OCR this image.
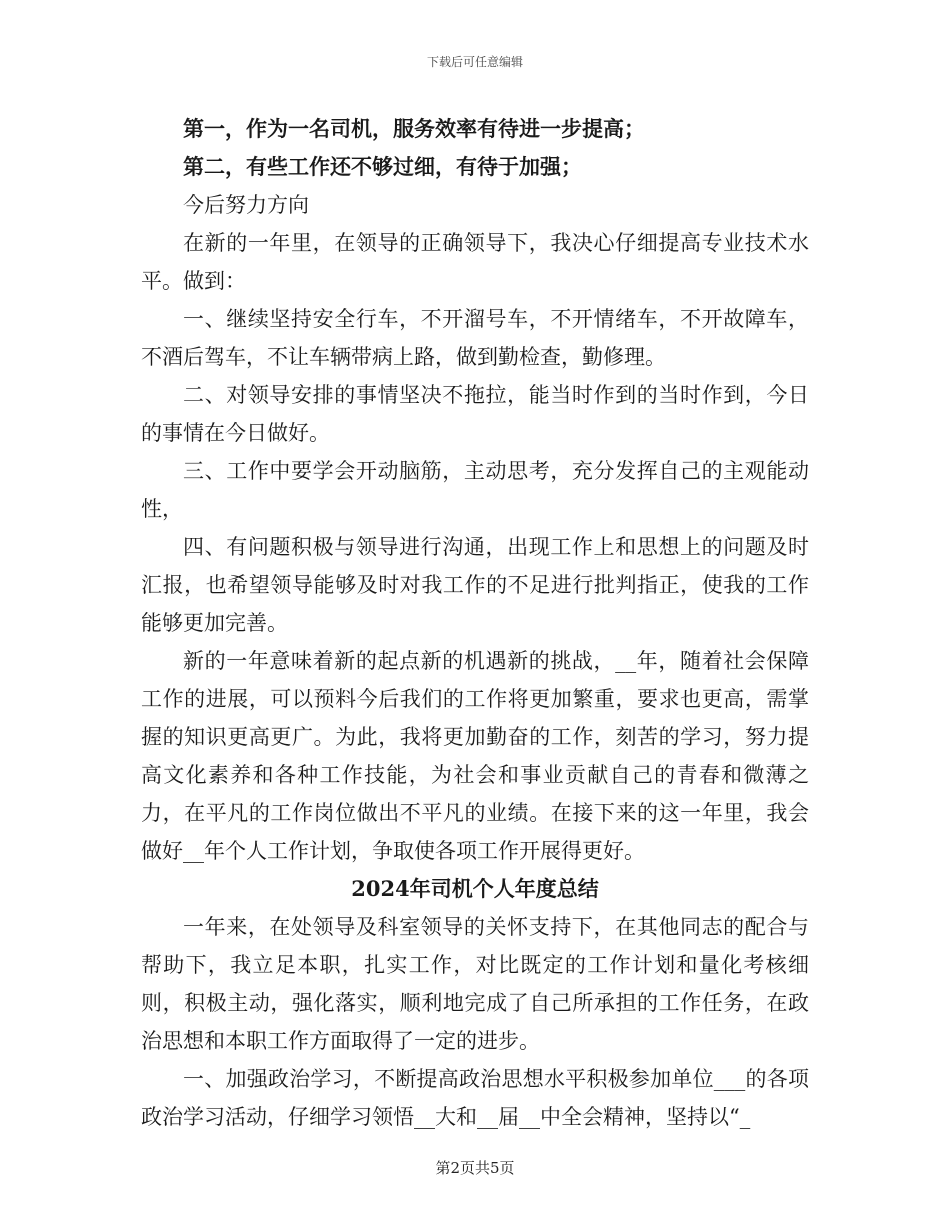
下载后可任意编辑

第一，作为一名司机，服务效率有待进一步提高；

第二，有些工作还不够过细，有待于加强；

今后努力方向

在新的一年里，在领导的正确领导下，我决心仔细提高专业技术水平。做到：

一、继续坚持安全行车，不开溜号车，不开情绪车，不开故障车，不酒后驾车，不让车辆带病上路，做到勤检查，勤修理。

二、对领导安排的事情坚决不拖拉，能当时作到的当时作到，今日的事情在今日做好。

三、工作中要学会开动脑筋，主动思考，充分发挥自己的主观能动性，

四、有问题积极与领导进行沟通，出现工作上和思想上的问题及时汇报，也希望领导能够及时对我工作的不足进行批判指正，使我的工作能够更加完善。

新的一年意味着新的起点新的机遇新的挑战，__年，随着社会保障工作的进展，可以预料今后我们的工作将更加繁重，要求也更高，需掌握的知识更高更广。为此，我将更加勤奋的工作，刻苦的学习，努力提高文化素养和各种工作技能，为社会和事业贡献自己的青春和微薄之力，在平凡的工作岗位做出不平凡的业绩。在接下来的这一年里，我会做好__年个人工作计划，争取使各项工作开展得更好。

2024年司机个人年度总结

一年来，在处领导及科室领导的关怀支持下，在其他同志的配合与帮助下，我立足本职，扎实工作，对比既定的工作计划和量化考核细则，积极主动，强化落实，顺利地完成了自己所承担的工作任务，在政治思想和本职工作方面取得了一定的进步。

一、加强政治学习，不断提高政治思想水平积极参加单位___的各项政治学习活动，仔细学习领悟__大和__届__中全会精神，坚持以“_

第2页共5页
